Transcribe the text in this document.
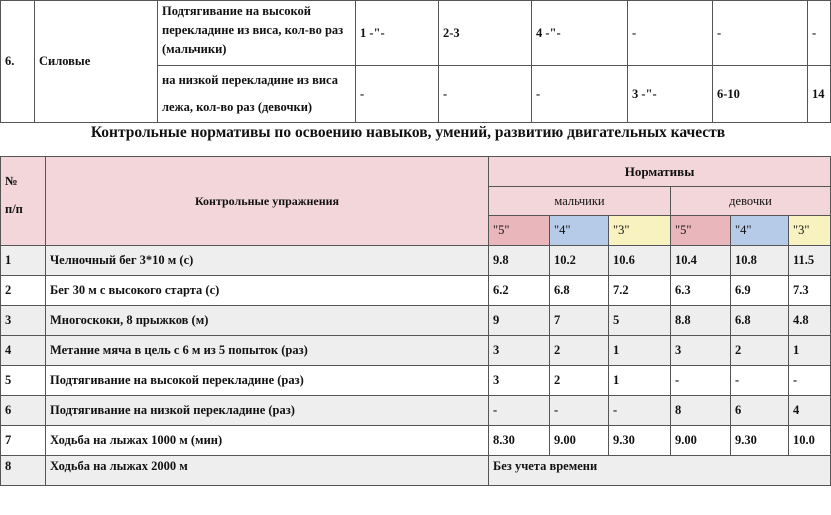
6.	Силовые	Подтягивание на высокой перекладине из виса, кол-во раз (мальчики)	1 -"-	2-3	4 -"-	-	-	-
		на низкой перекладине из виса лежа, кол-во раз (девочки)	-	-	-	3 -"-	6-10	14
Контрольные нормативы по освоению навыков, умений, развитию двигательных качеств
№
п/п	Контрольные упражнения	Нормативы					
		мальчики			девочки		
		"5"	"4"	"3"	"5"	"4"	"3"
1	Челночный бег 3*10 м (с)	9.8	10.2	10.6	10.4	10.8	11.5
2	Бег 30 м с высокого старта (с)	6.2	6.8	7.2	6.3	6.9	7.3
3	Многоскоки, 8 прыжков (м)	9	7	5	8.8	6.8	4.8
4	Метание мяча в цель с 6 м из 5 попыток (раз)	3	2	1	3	2	1
5	Подтягивание на высокой перекладине (раз)	3	2	1	-	-	-
6	Подтягивание на низкой перекладине (раз)	-	-	-	8	6	4
7	Ходьба на лыжах 1000 м (мин)	8.30	9.00	9.30	9.00	9.30	10.0
8	Ходьба на лыжах 2000 м	Без учета времени					
